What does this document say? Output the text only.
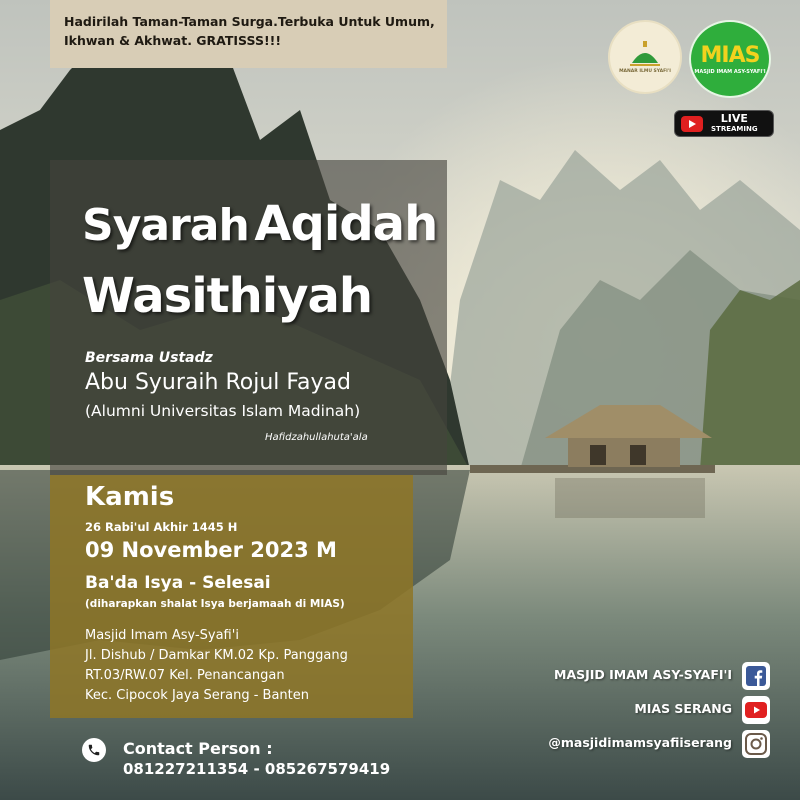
Hadirilah Taman-Taman Surga.Terbuka Untuk Umum,
Ikhwan & Akhwat. GRATISSS!!!
MANAR ILMU SYAFI'I
MIAS
MASJID IMAM ASY-SYAFI'I
LIVE
STREAMING
Syarah Aqidah
Wasithiyah
Bersama Ustadz
Abu Syuraih Rojul Fayad
(Alumni Universitas Islam Madinah)
Hafidzahullahuta'ala
Kamis
26 Rabi'ul Akhir 1445 H
09 November 2023 M
Ba'da Isya - Selesai
(diharapkan shalat Isya berjamaah di MIAS)
Masjid Imam Asy-Syafi'i
Jl. Dishub / Damkar KM.02 Kp. Panggang
RT.03/RW.07 Kel. Penancangan
Kec. Cipocok Jaya Serang - Banten
Contact Person :
081227211354 - 085267579419
MASJID IMAM ASY-SYAFI'I
MIAS SERANG
@masjidimamsyafiiserang
